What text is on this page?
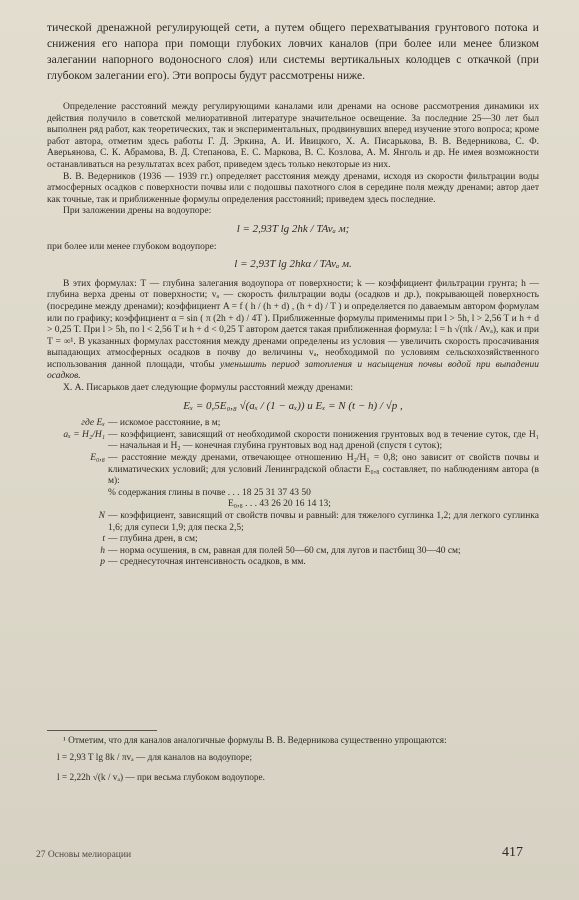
тической дренажной регулирующей сети, а путем общего перехватывания грунтового потока и снижения его напора при помощи глубоких ловчих каналов (при более или менее близком залегании напорного водоносного слоя) или системы вертикальных колодцев с откачкой (при глубоком залегании его). Эти вопросы будут рассмотрены ниже.

Определение расстояний между регулирующими каналами или дренами на основе рассмотрения динамики их действия получило в советской мелиоративной литературе значительное освещение. За последние 25—30 лет был выполнен ряд работ, как теоретических, так и экспериментальных, продвинувших вперед изучение этого вопроса; кроме работ автора, отметим здесь работы Г. Д. Эркина, А. И. Ивицкого, Х. А. Писарькова, В. В. Ведерникова, С. Ф. Аверьянова, С. К. Абрамова, В. Д. Степанова, Е. С. Маркова, В. С. Козлова, А. М. Янголь и др. Не имея возможности останавливаться на результатах всех работ, приведем здесь только некоторые из них.

В. В. Ведерников (1936 — 1939 гг.) определяет расстояния между дренами, исходя из скорости фильтрации воды атмосферных осадков с поверхности почвы или с подошвы пахотного слоя в середине поля между дренами; автор дает как точные, так и приближенные формулы определения расстояний; приведем здесь последние.

При заложении дрены на водоупоре:

l = 2,93T lg 2hk / TAvₐ м;

при более или менее глубоком водоупоре:

l = 2,93T lg 2hkα / TAvₐ м.

В этих формулах: T — глубина залегания водоупора от поверхности; k — коэффициент фильтрации грунта; h — глубина верха дрены от поверхности; vₐ — скорость фильтрации воды (осадков и др.), покрывающей поверхность (посредине между дренами); коэффициент A = f ( h / (h + d) , (h + d) / T ) и определяется по даваемым автором формулам или по графику; коэффициент α = sin ( π (2h + d) / 4T ). Приближенные формулы применимы при l > 5h, l > 2,56 T и h + d > 0,25 T. При l > 5h, по l < 2,56 T и h + d < 0,25 T автором дается такая приближенная формула: l = h √(πk / Avₐ), как и при T = ∞¹. В указанных формулах расстояния между дренами определены из условия — увеличить скорость просачивания выпадающих атмосферных осадков в почву до величины vₐ, необходимой по условиям сельскохозяйственного использования данной площади, чтобы уменьшить период затопления и насыщения почвы водой при выпадении осадков.

Х. А. Писарьков дает следующие формулы расстояний между дренами:

Eₓ = 0,5E₀,₈ √(aₓ / (1 − aₓ)) и Eₓ = N (t − h) / √p ,

где Eₓ — искомое расстояние, в м;
aₓ = H₂/H₁ — коэффициент, зависящий от необходимой скорости понижения грунтовых вод в течение суток, где H₁ — начальная и H₂ — конечная глубина грунтовых вод над дреной (спустя t суток);
E₀,₈ — расстояние между дренами, отвечающее отношению H₂/H₁ = 0,8; оно зависит от свойств почвы и климатических условий; для условий Ленинградской области E₀,₈ составляет, по наблюдениям автора (в м):
% содержания глины в почве . . . 18 25 31 37 43 50
E₀,₈ . . . 43 26 20 16 14 13;
N — коэффициент, зависящий от свойств почвы и равный: для тяжелого суглинка 1,2; для легкого суглинка 1,6; для супеси 1,9; для песка 2,5;
t — глубина дрен, в см;
h — норма осушения, в см, равная для полей 50—60 см, для лугов и пастбищ 30—40 см;
p — среднесуточная интенсивность осадков, в мм.

¹ Отметим, что для каналов аналогичные формулы В. В. Ведерникова существенно упрощаются:

l = 2,93 T lg 8k / πvₐ — для каналов на водоупоре;

l = 2,22h √(k / vₐ) — при весьма глубоком водоупоре.

27 Основы мелиорации	417
